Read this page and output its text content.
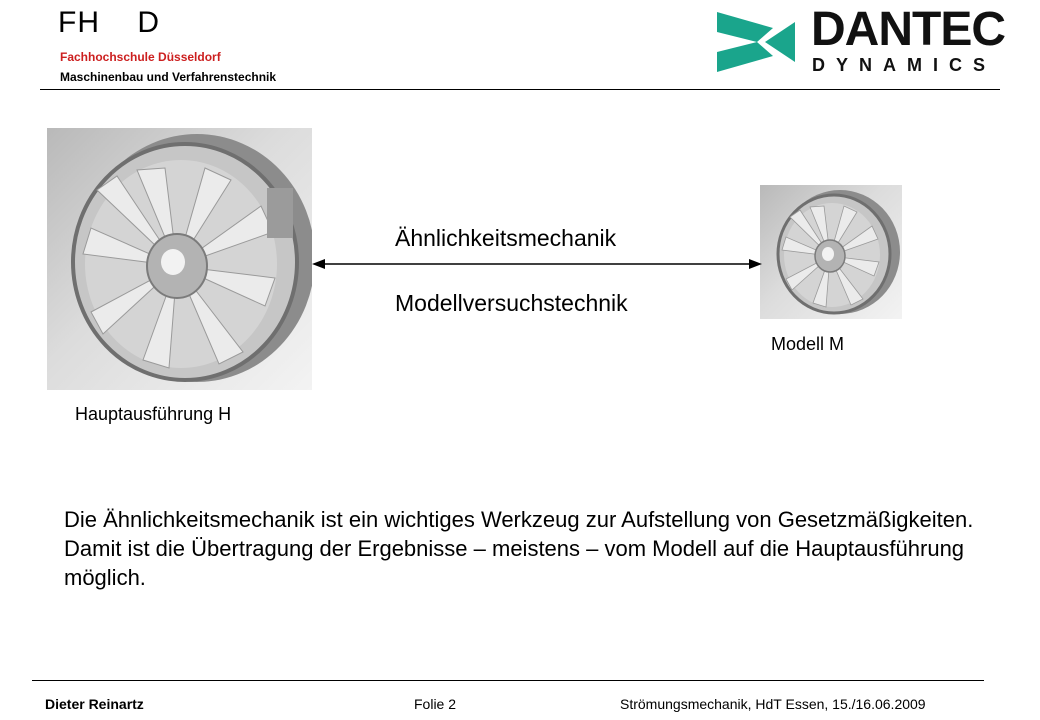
FH    D
Fachhochschule Düsseldorf
Maschinenbau und Verfahrenstechnik
DANTEC
DYNAMICS
Ähnlichkeitsmechanik
Modellversuchstechnik
Hauptausführung H
Modell M

Die Ähnlichkeitsmechanik ist ein wichtiges Werkzeug zur Aufstellung von Gesetzmäßigkeiten.

Damit ist die Übertragung der Ergebnisse – meistens – vom Modell auf die Hauptausführung möglich.

Dieter Reinartz	Folie 2	Strömungsmechanik, HdT Essen, 15./16.06.2009
